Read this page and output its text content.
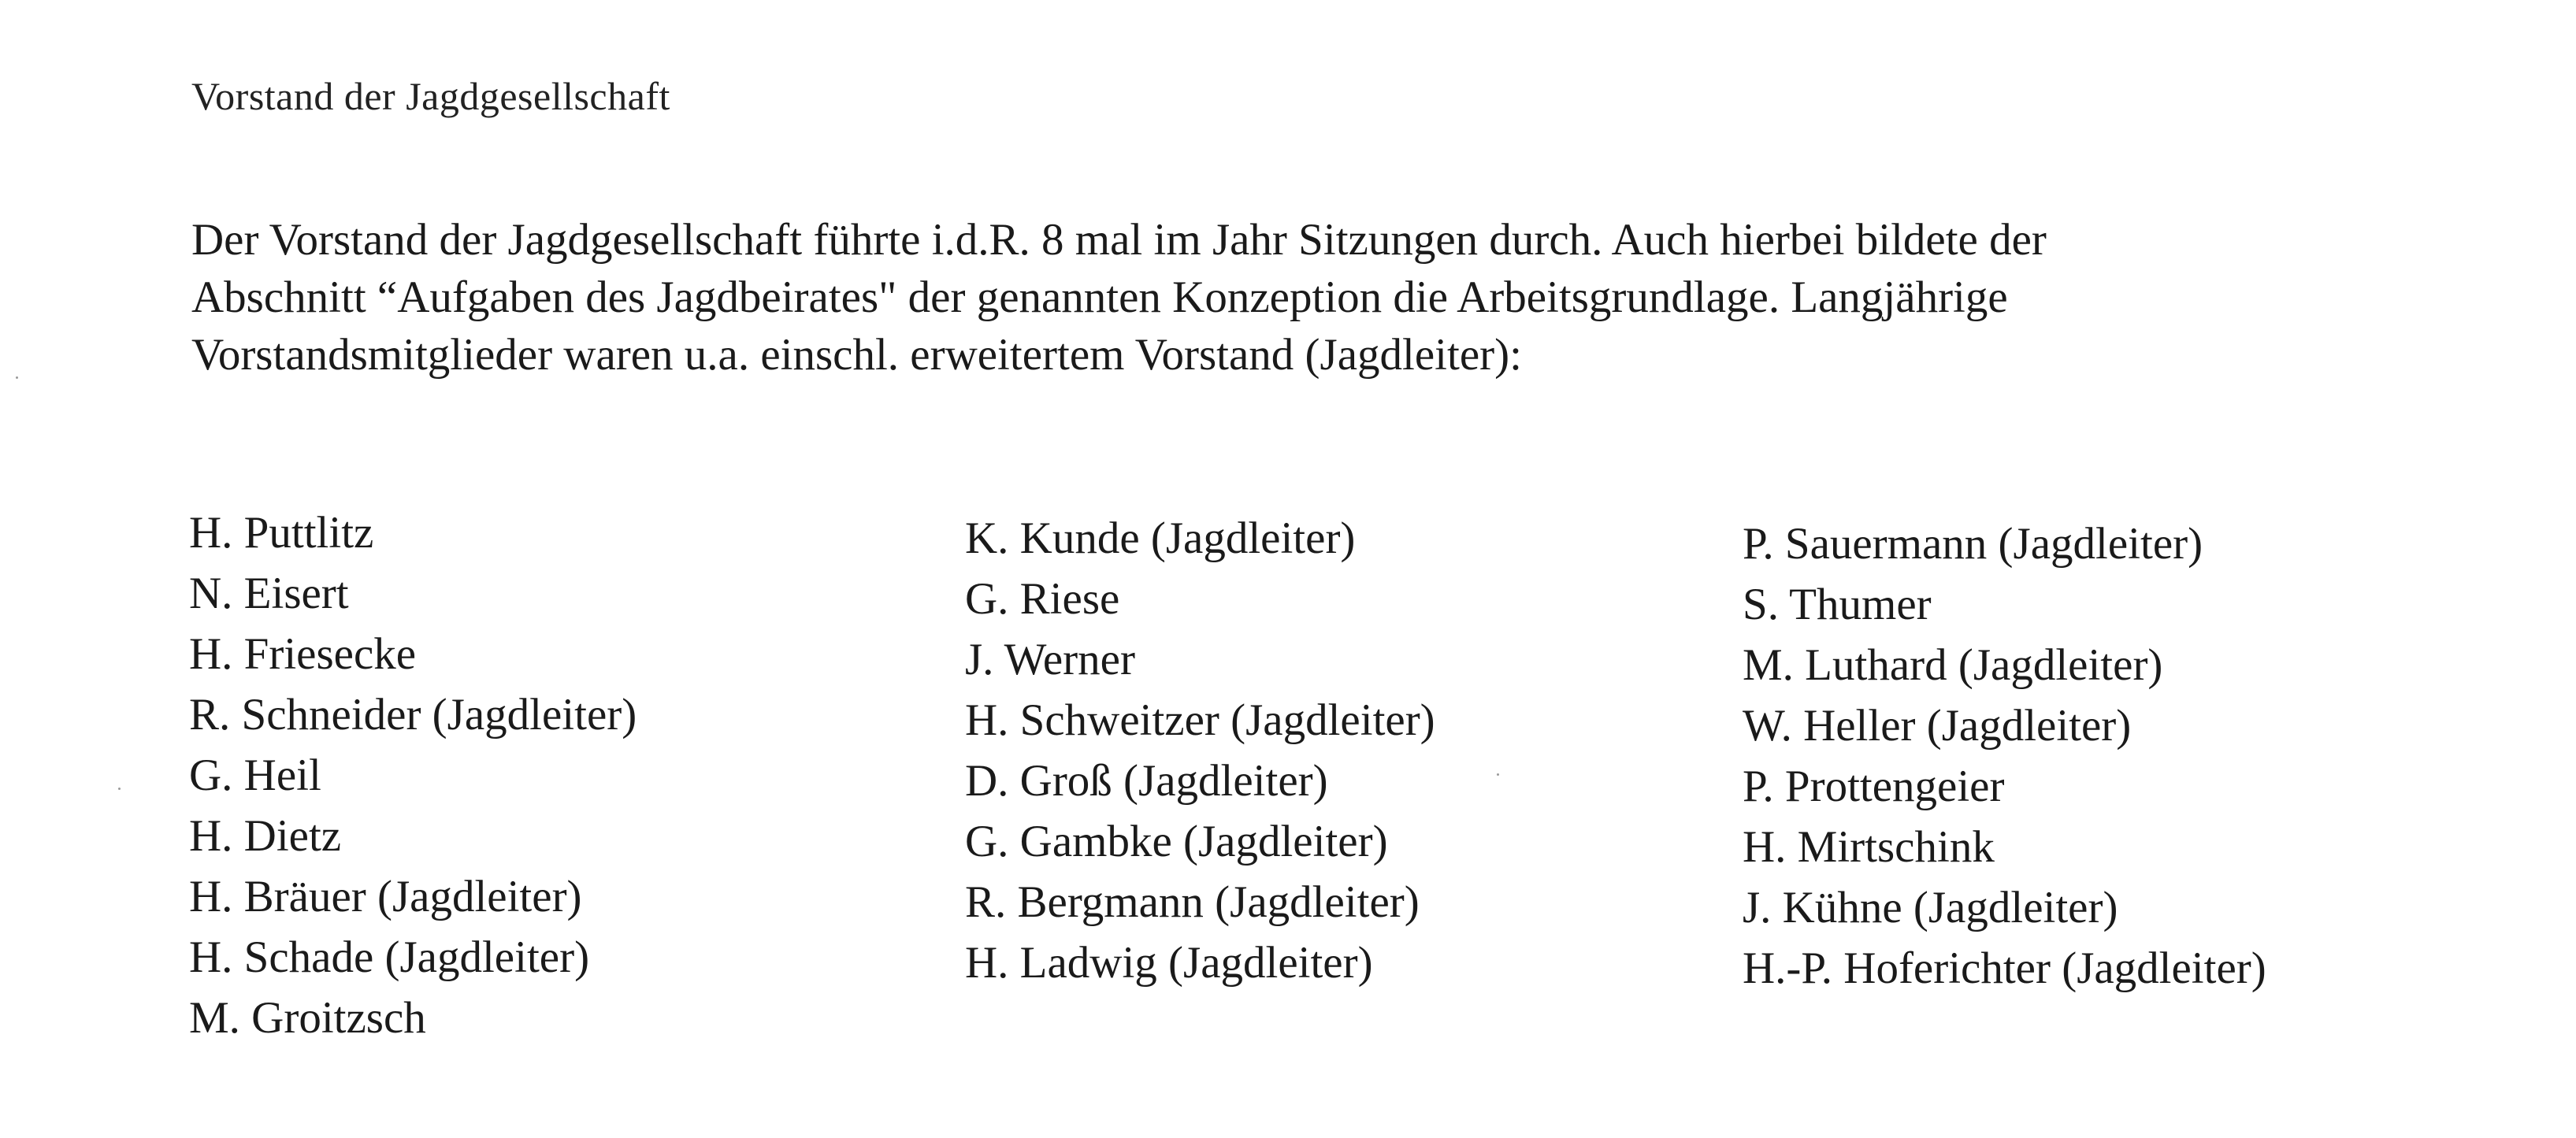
Vorstand der Jagdgesellschaft
Der Vorstand der Jagdgesellschaft führte i.d.R. 8 mal im Jahr Sitzungen durch. Auch hierbei bildete der
Abschnitt “Aufgaben des Jagdbeirates" der genannten Konzeption die Arbeitsgrundlage. Langjährige
Vorstandsmitglieder waren u.a. einschl. erweitertem Vorstand (Jagdleiter):
H. Puttlitz
N. Eisert
H. Friesecke
R. Schneider (Jagdleiter)
G. Heil
H. Dietz
H. Bräuer (Jagdleiter)
H. Schade (Jagdleiter)
M. Groitzsch
K. Kunde (Jagdleiter)
G. Riese
J. Werner
H. Schweitzer (Jagdleiter)
D. Groß (Jagdleiter)
G. Gambke (Jagdleiter)
R. Bergmann (Jagdleiter)
H. Ladwig (Jagdleiter)
P. Sauermann (Jagdleiter)
S. Thumer
M. Luthard (Jagdleiter)
W. Heller (Jagdleiter)
P. Prottengeier
H. Mirtschink
J. Kühne (Jagdleiter)
H.-P. Hoferichter (Jagdleiter)
